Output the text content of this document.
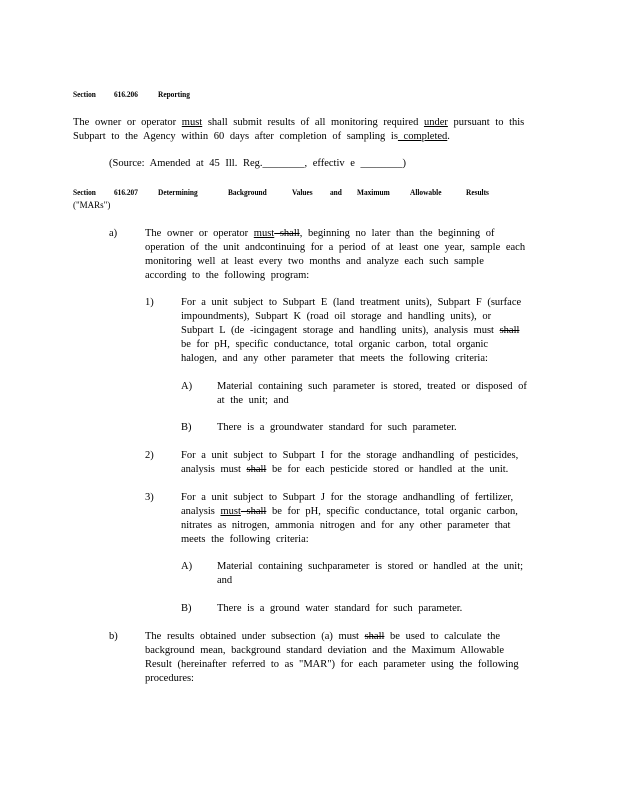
Section 616.206	Reporting
The owner or operator must shall submit results of all monitoring required under pursuant to this
Subpart to the Agency within 60 days after completion of sampling is completed.
(Source: Amended at 45 Ill. Reg.________, effectiv e ________)
Section 616.207	Determining	Background	Values and Maximum	Allowable	Results
("MARs")
a)	The owner or operator must shall, beginning no later than the beginning of
operation of the unit andcontinuing for a period of at least one year, sample each
monitoring well at least every two months and analyze each such sample
according to the following program:
1)	For a unit subject to Subpart E (land treatment units), Subpart F (surface
impoundments), Subpart K (road oil storage and handling units), or
Subpart L (de -icingagent storage and handling units), analysis must shall
be for pH, specific conductance, total organic carbon, total organic
halogen, and any other parameter that meets the following criteria:
A) Material containing such parameter is stored, treated or disposed of
at the unit; and
B) There is a groundwater standard for such parameter.
2)	For a unit subject to Subpart I for the storage andhandling of pesticides,
analysis must shall be for each pesticide stored or handled at the unit.
3)	For a unit subject to Subpart J for the storage andhandling of fertilizer,
analysis must shall be for pH, specific conductance, total organic carbon,
nitrates as nitrogen, ammonia nitrogen and for any other parameter that
meets the following criteria:
A) Material containing suchparameter is stored or handled at the unit;
and
B) There is a ground water standard for such parameter.
b)	The results obtained under subsection (a) must shall be used to calculate the
background mean, background standard deviation and the Maximum Allowable
Result (hereinafter referred to as "MAR") for each parameter using the following
procedures:
